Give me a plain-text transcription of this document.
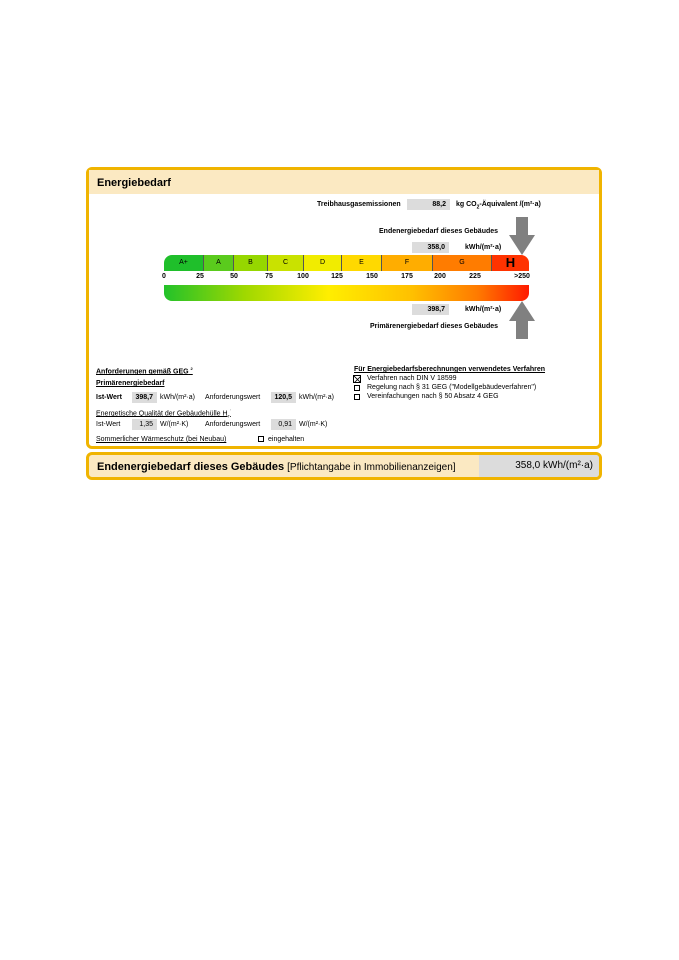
Energiebedarf
Treibhausgasemissionen	88,2	kg $CO_2$-Äquivalent /(m²·a)
Endenergiebedarf dieses Gebäudes
358,0	kWh/(m²·a)
A+	A	B	C	D	E	F	G	H
0	25	50	75	100	125	150	175	200	225	>250
398,7	kWh/(m²·a)
Primärenergiebedarf dieses Gebäudes
Anforderungen gemäß GEG $^2$
Primärenergiebedarf
Ist-Wert	398,7	kWh/(m²·a) Anforderungswert	120,5	kWh/(m²·a)
Energetische Qualität der Gebäudehülle $H_T'$
Ist-Wert	1,35	W/(m²·K) Anforderungswert	0,91	W/(m²·K)
Sommerlicher Wärmeschutz (bei Neubau)	eingehalten
Für Energiebedarfsberechnungen verwendetes Verfahren
Verfahren nach DIN V 18599
Regelung nach § 31 GEG ("Modellgebäudeverfahren")
Vereinfachungen nach § 50 Absatz 4 GEG
Endenergiebedarf dieses Gebäudes [Pflichtangabe in Immobilienanzeigen]	358,0 kWh/(m²·a)
